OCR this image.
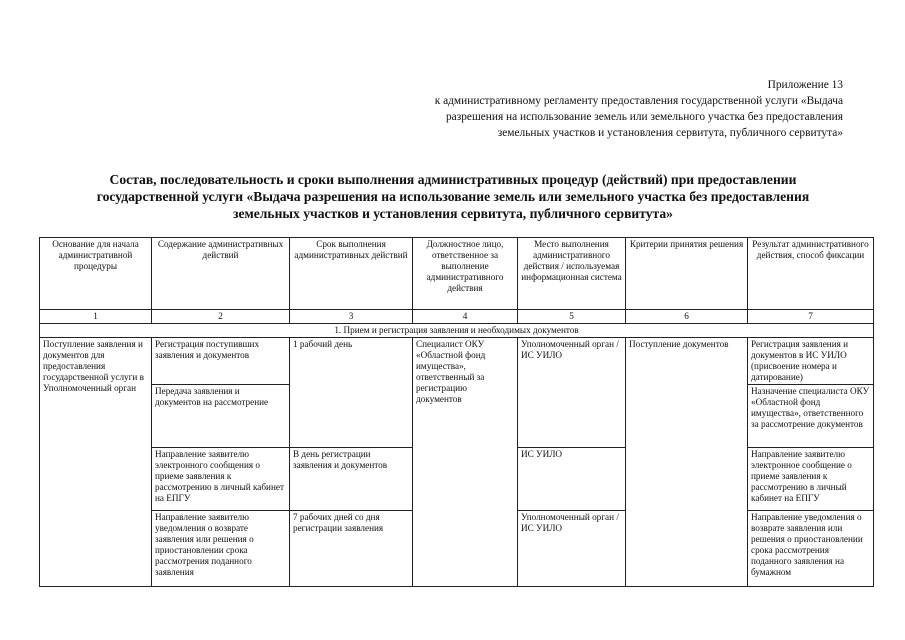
Приложение 13
к административному регламенту предоставления государственной услуги «Выдача
разрешения на использование земель или земельного участка без предоставления
земельных участков и установления сервитута, публичного сервитута»
Состав, последовательность и сроки выполнения административных процедур (действий) при предоставлении
государственной услуги «Выдача разрешения на использование земель или земельного участка без предоставления
земельных участков и установления сервитута, публичного сервитута»
Основание для начала административной процедуры	Содержание административных действий	Срок выполнения административных действий	Должностное лицо, ответственное за выполнение административного действия	Место выполнения административного действия / используемая информационная система	Критерии принятия решения	Результат административного действия, способ фиксации
1	2	3	4	5	6	7
1. Прием и регистрация заявления и необходимых документов						
Поступление заявления и документов для предоставления государственной услуги в Уполномоченный орган	Регистрация поступивших заявления и документов	1 рабочий день	Специалист ОКУ «Областной фонд имущества», ответственный за регистрацию документов	Уполномоченный орган / ИС УИЛО	Поступление документов	Регистрация заявления и документов в ИС УИЛО (присвоение номера и датирование)
	Передача заявления и документов на рассмотрение					Назначение специалиста ОКУ «Областной фонд имущества», ответственного за рассмотрение документов
	Направление заявителю электронного сообщения о приеме заявления к рассмотрению в личный кабинет на ЕПГУ	В день регистрации заявления и документов		ИС УИЛО		Направление заявителю электронное сообщение о приеме заявления к рассмотрению в личный кабинет на ЕПГУ
	Направление заявителю уведомления о возврате заявления или решения о приостановлении срока рассмотрения поданного заявления	7 рабочих дней со дня регистрации заявления		Уполномоченный орган / ИС УИЛО		Направление уведомления о возврате заявления или решения о приостановлении срока рассмотрения поданного заявления на бумажном
